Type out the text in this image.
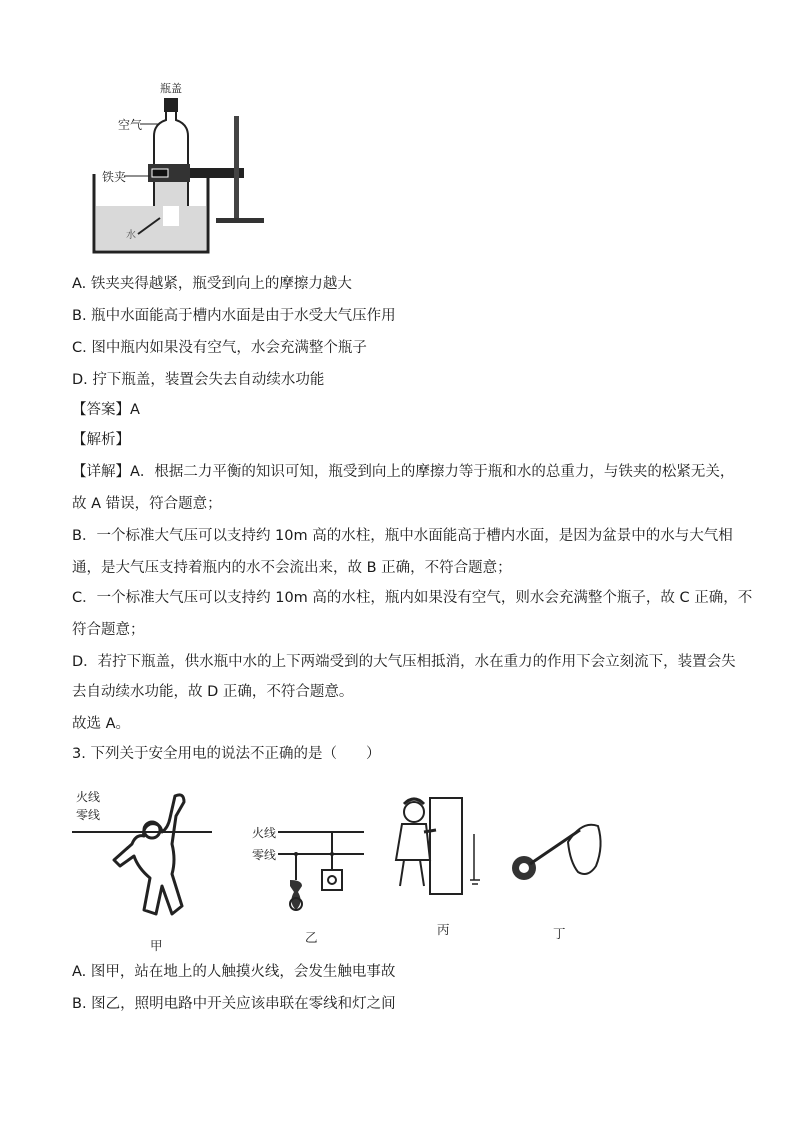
瓶盖
空气
铁夹
水
A. 铁夹夹得越紧，瓶受到向上的摩擦力越大
B. 瓶中水面能高于槽内水面是由于水受大气压作用
C. 图中瓶内如果没有空气，水会充满整个瓶子
D. 拧下瓶盖，装置会失去自动续水功能
【答案】A
【解析】
【详解】A．根据二力平衡的知识可知，瓶受到向上的摩擦力等于瓶和水的总重力，与铁夹的松紧无关，
故 A 错误，符合题意；
B．一个标准大气压可以支持约 10m 高的水柱，瓶中水面能高于槽内水面，是因为盆景中的水与大气相
通，是大气压支持着瓶内的水不会流出来，故 B 正确，不符合题意；
C．一个标准大气压可以支持约 10m 高的水柱，瓶内如果没有空气，则水会充满整个瓶子，故 C 正确，不
符合题意；
D．若拧下瓶盖，供水瓶中水的上下两端受到的大气压相抵消，水在重力的作用下会立刻流下，装置会失
去自动续水功能，故 D 正确，不符合题意。
故选 A。
3. 下列关于安全用电的说法不正确的是（　　）
火线
零线
火线
零线
甲
乙
丙	丁
A. 图甲，站在地上的人触摸火线，会发生触电事故
B. 图乙，照明电路中开关应该串联在零线和灯之间
